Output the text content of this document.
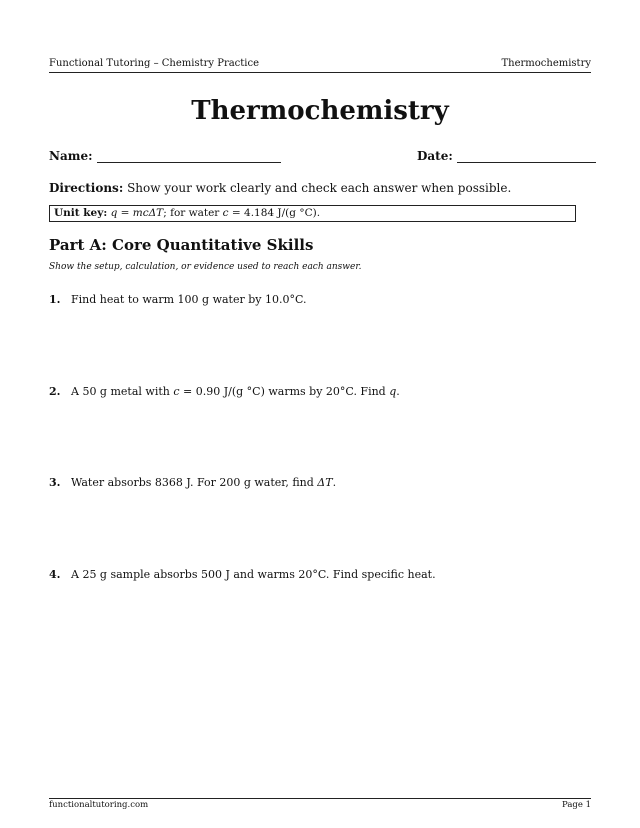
Functional Tutoring – Chemistry Practice	Thermochemistry
Thermochemistry
Name:	Date:
Directions: Show your work clearly and check each answer when possible.
Unit key: q = mcΔT; for water c = 4.184 J/(g °C).
Part A: Core Quantitative Skills
Show the setup, calculation, or evidence used to reach each answer.
1. Find heat to warm 100 g water by 10.0°C.
2. A 50 g metal with c = 0.90 J/(g °C) warms by 20°C. Find q.
3. Water absorbs 8368 J. For 200 g water, find ΔT.
4. A 25 g sample absorbs 500 J and warms 20°C. Find specific heat.
functionaltutoring.com	Page 1
